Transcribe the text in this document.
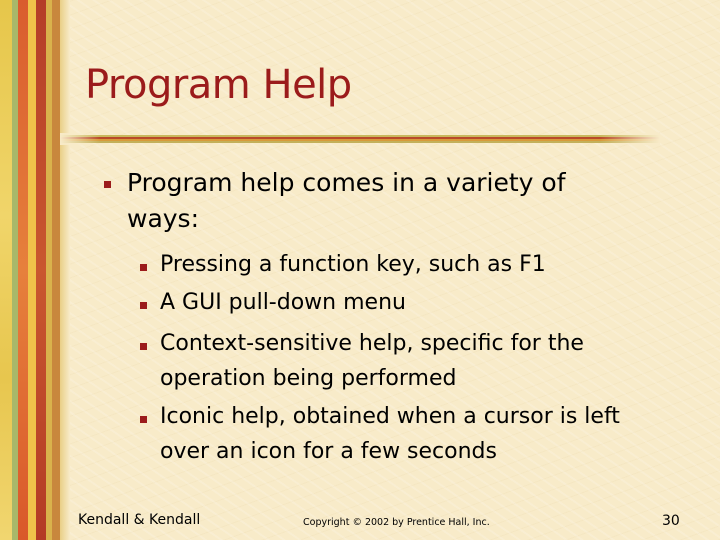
Program Help
Program help comes in a variety of
ways:
Pressing a function key, such as F1
A GUI pull-down menu
Context-sensitive help, specific for the
operation being performed
Iconic help, obtained when a cursor is left
over an icon for a few seconds
Kendall & Kendall	Copyright © 2002 by Prentice Hall, Inc.	30
